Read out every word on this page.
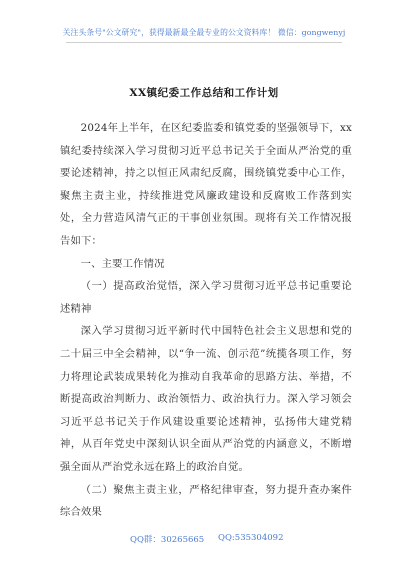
关注头条号"公文研究"，获得最新最全最专业的公文资料库！ 微信：gongwenyj
XX镇纪委工作总结和工作计划

2024年上半年，在区纪委监委和镇党委的坚强领导下，xx镇纪委持续深入学习贯彻习近平总书记关于全面从严治党的重要论述精神，持之以恒正风肃纪反腐，围绕镇党委中心工作，聚焦主责主业，持续推进党风廉政建设和反腐败工作落到实处，全力营造风清气正的干事创业氛围。现将有关工作情况报告如下：

一、主要工作情况

（一）提高政治觉悟，深入学习贯彻习近平总书记重要论述精神

深入学习贯彻习近平新时代中国特色社会主义思想和党的二十届三中全会精神，以“争一流、创示范”统揽各项工作，努力将理论武装成果转化为推动自我革命的思路方法、举措，不断提高政治判断力、政治领悟力、政治执行力。深入学习领会习近平总书记关于作风建设重要论述精神，弘扬伟大建党精神，从百年党史中深刻认识全面从严治党的内涵意义，不断增强全面从严治党永远在路上的政治自觉。

（二）聚焦主责主业，严格纪律审查，努力提升查办案件综合效果

QQ群：30265665 QQ:535304092
